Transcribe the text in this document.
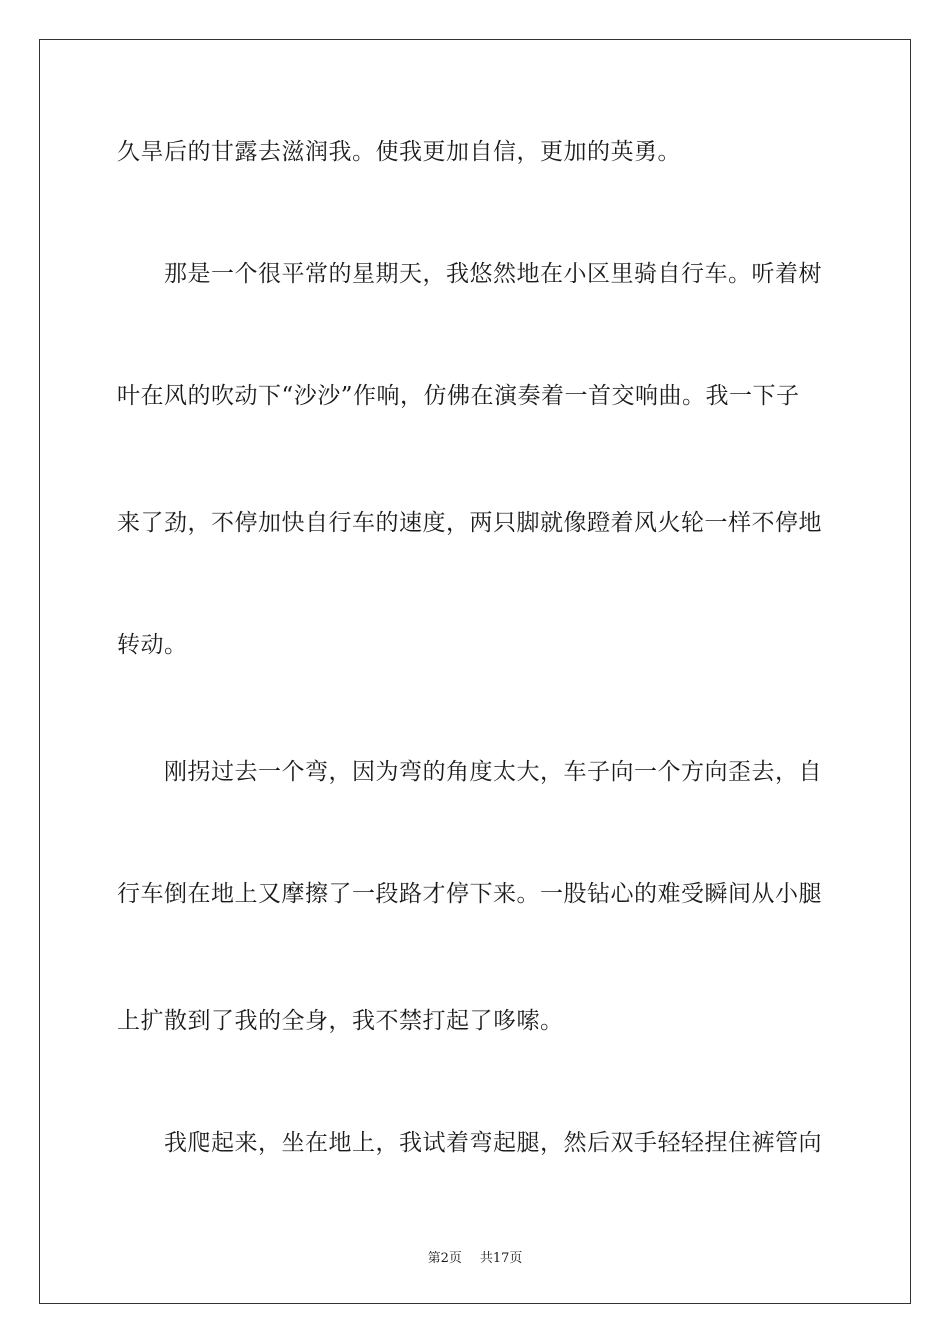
久旱后的甘露去滋润我。使我更加自信，更加的英勇。
那是一个很平常的星期天，我悠然地在小区里骑自行车。听着树
叶在风的吹动下“沙沙”作响，仿佛在演奏着一首交响曲。我一下子
来了劲，不停加快自行车的速度，两只脚就像蹬着风火轮一样不停地
转动。
刚拐过去一个弯，因为弯的角度太大，车子向一个方向歪去，自
行车倒在地上又摩擦了一段路才停下来。一股钻心的难受瞬间从小腿
上扩散到了我的全身，我不禁打起了哆嗦。
我爬起来，坐在地上，我试着弯起腿，然后双手轻轻捏住裤管向
第2页 共17页
